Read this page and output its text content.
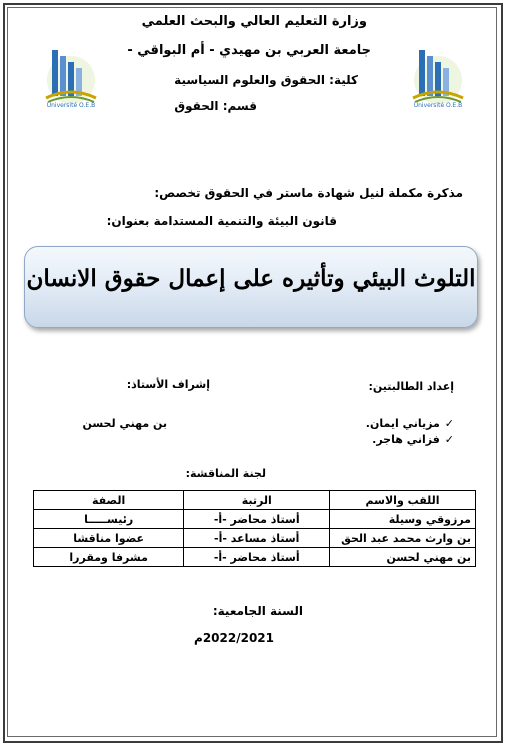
Université O.E.B
Université O.E.B
وزارة التعليم العالي والبحث العلمي
جامعة العربي بن مهيدي - أم البواقي -
كلية: الحقوق والعلوم السياسية
قسم: الحقوق
مذكرة مكملة لنيل شهادة ماستر في الحقوق تخصص:
قانون البيئة والتنمية المستدامة بعنوان:
التلوث البيئي وتأثيره على إعمال حقوق الانسان
إعداد الطالبتين:
إشراف الأستاذ:
✓مزياني ايمان.
✓فزاني هاجر.
بن مهني لحسن
لجنة المناقشة:
اللقب والاسم	الرتبة	الصفة
مرزوقي وسيلة	أستاذ محاضر -أ-	رئيســـــا
بن وارث محمد عبد الحق	أستاذ مساعد -أ-	عضوا مناقشا
بن مهني لحسن	أستاذ محاضر -أ-	مشرفا ومقررا
السنة الجامعية:
2022/2021م
